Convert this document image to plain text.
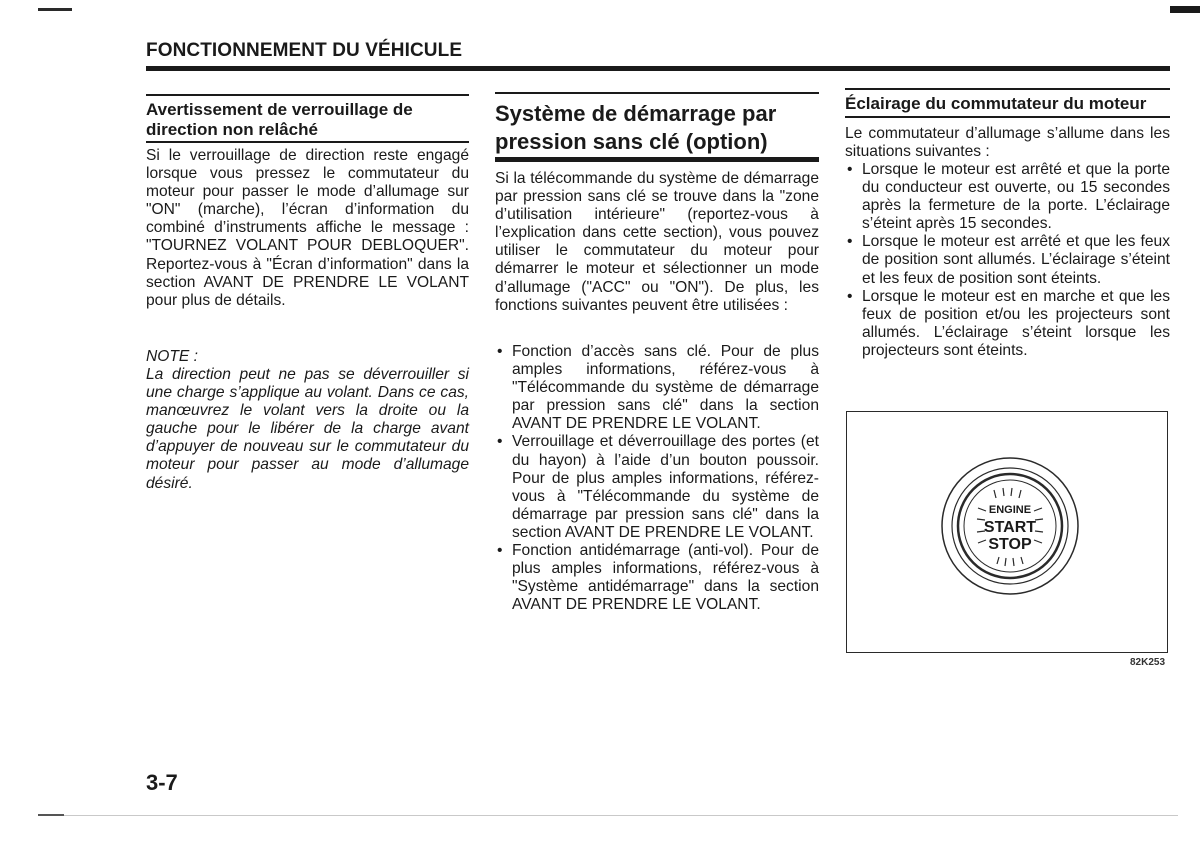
FONCTIONNEMENT DU VÉHICULE
Avertissement de verrouillage de direction non relâché
Si le verrouillage de direction reste engagé lorsque vous pressez le commutateur du moteur pour passer le mode d’allumage sur "ON" (marche), l’écran d’information du combiné d’instruments affiche le message : "TOURNEZ VOLANT POUR DEBLOQUER". Reportez-vous à "Écran d’information" dans la section AVANT DE PRENDRE LE VOLANT pour plus de détails.
NOTE :
La direction peut ne pas se déverrouiller si une charge s’applique au volant. Dans ce cas, manœuvrez le volant vers la droite ou la gauche pour le libérer de la charge avant d’appuyer de nouveau sur le commutateur du moteur pour passer au mode d’allumage désiré.
Système de démarrage par pression sans clé (option)
Si la télécommande du système de démarrage par pression sans clé se trouve dans la "zone d’utilisation intérieure" (reportez-vous à l’explication dans cette section), vous pouvez utiliser le commutateur du moteur pour démarrer le moteur et sélectionner un mode d’allumage ("ACC" ou "ON"). De plus, les fonctions suivantes peuvent être utilisées :
• Fonction d’accès sans clé. Pour de plus amples informations, référez-vous à "Télécommande du système de démarrage par pression sans clé" dans la section AVANT DE PRENDRE LE VOLANT.
• Verrouillage et déverrouillage des portes (et du hayon) à l’aide d’un bouton poussoir. Pour de plus amples informations, référez-vous à "Télécommande du système de démarrage par pression sans clé" dans la section AVANT DE PRENDRE LE VOLANT.
• Fonction antidémarrage (anti-vol). Pour de plus amples informations, référez-vous à "Système antidémarrage" dans la section AVANT DE PRENDRE LE VOLANT.
Éclairage du commutateur du moteur
Le commutateur d’allumage s’allume dans les situations suivantes :
• Lorsque le moteur est arrêté et que la porte du conducteur est ouverte, ou 15 secondes après la fermeture de la porte. L’éclairage s’éteint après 15 secondes.
• Lorsque le moteur est arrêté et que les feux de position sont allumés. L’éclairage s’éteint et les feux de position sont éteints.
• Lorsque le moteur est en marche et que les feux de position et/ou les projecteurs sont allumés. L’éclairage s’éteint lorsque les projecteurs sont éteints.
ENGINE
START
STOP
82K253
3-7
